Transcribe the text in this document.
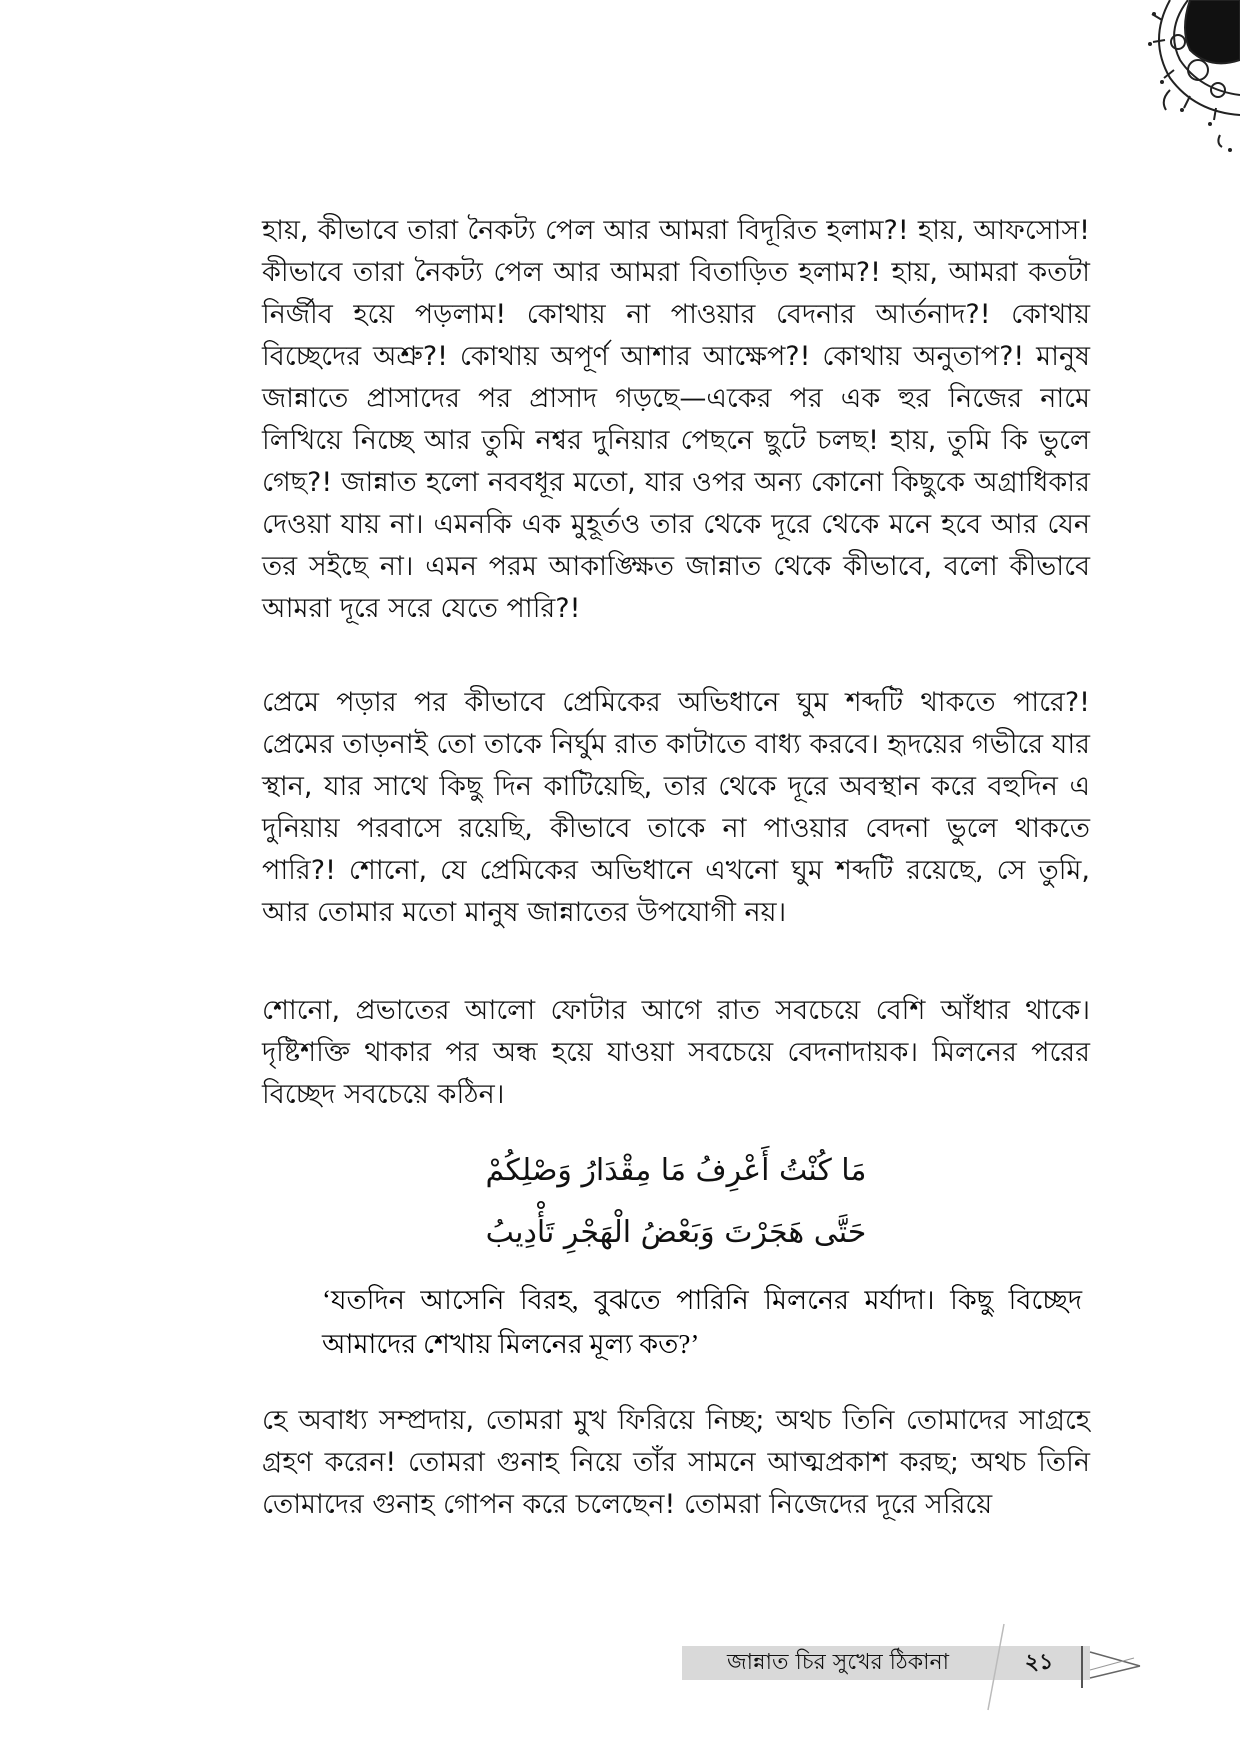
হায়, কীভাবে তারা নৈকট্য পেল আর আমরা বিদূরিত হলাম?! হায়, আফসোস! কীভাবে তারা নৈকট্য পেল আর আমরা বিতাড়িত হলাম?! হায়, আমরা কতটা নির্জীব হয়ে পড়লাম! কোথায় না পাওয়ার বেদনার আর্তনাদ?! কোথায় বিচ্ছেদের অশ্রু?! কোথায় অপূর্ণ আশার আক্ষেপ?! কোথায় অনুতাপ?! মানুষ জান্নাতে প্রাসাদের পর প্রাসাদ গড়ছে—একের পর এক হুর নিজের নামে লিখিয়ে নিচ্ছে আর তুমি নশ্বর দুনিয়ার পেছনে ছুটে চলছ! হায়, তুমি কি ভুলে গেছ?! জান্নাত হলো নববধূর মতো, যার ওপর অন্য কোনো কিছুকে অগ্রাধিকার দেওয়া যায় না। এমনকি এক মুহূর্তও তার থেকে দূরে থেকে মনে হবে আর যেন তর সইছে না। এমন পরম আকাঙ্ক্ষিত জান্নাত থেকে কীভাবে, বলো কীভাবে আমরা দূরে সরে যেতে পারি?!

প্রেমে পড়ার পর কীভাবে প্রেমিকের অভিধানে ঘুম শব্দটি থাকতে পারে?! প্রেমের তাড়নাই তো তাকে নির্ঘুম রাত কাটাতে বাধ্য করবে। হৃদয়ের গভীরে যার স্থান, যার সাথে কিছু দিন কাটিয়েছি, তার থেকে দূরে অবস্থান করে বহুদিন এ দুনিয়ায় পরবাসে রয়েছি, কীভাবে তাকে না পাওয়ার বেদনা ভুলে থাকতে পারি?! শোনো, যে প্রেমিকের অভিধানে এখনো ঘুম শব্দটি রয়েছে, সে তুমি, আর তোমার মতো মানুষ জান্নাতের উপযোগী নয়।

শোনো, প্রভাতের আলো ফোটার আগে রাত সবচেয়ে বেশি আঁধার থাকে। দৃষ্টিশক্তি থাকার পর অন্ধ হয়ে যাওয়া সবচেয়ে বেদনাদায়ক। মিলনের পরের বিচ্ছেদ সবচেয়ে কঠিন।

مَا كُنْتُ أَعْرِفُ مَا مِقْدَارُ وَصْلِكُمْ

حَتَّى هَجَرْتَ وَبَعْضُ الْهَجْرِ تَأْدِيبُ

‘যতদিন আসেনি বিরহ, বুঝতে পারিনি মিলনের মর্যাদা। কিছু বিচ্ছেদ আমাদের শেখায় মিলনের মূল্য কত?’

হে অবাধ্য সম্প্রদায়, তোমরা মুখ ফিরিয়ে নিচ্ছ; অথচ তিনি তোমাদের সাগ্রহে গ্রহণ করেন! তোমরা গুনাহ নিয়ে তাঁর সামনে আত্মপ্রকাশ করছ; অথচ তিনি তোমাদের গুনাহ গোপন করে চলেছেন! তোমরা নিজেদের দূরে সরিয়ে

জান্নাত চির সুখের ঠিকানা	২১
